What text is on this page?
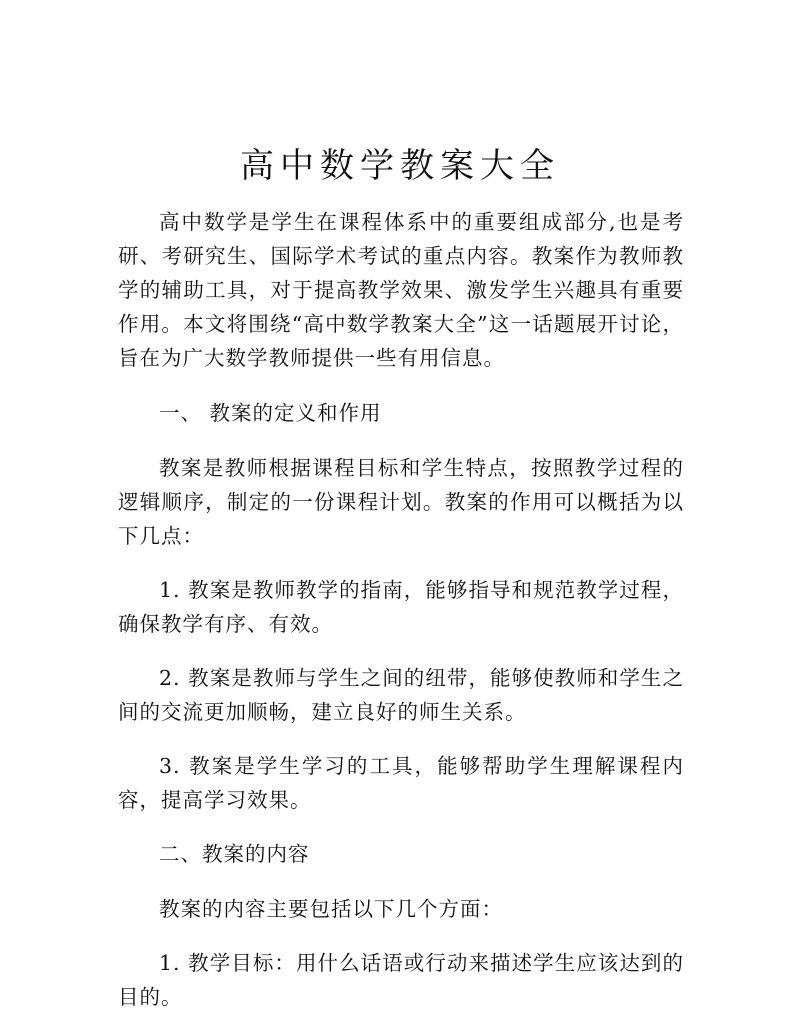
高中数学教案大全

高中数学是学生在课程体系中的重要组成部分,也是考研、考研究生、国际学术考试的重点内容。教案作为教师教学的辅助工具，对于提高教学效果、激发学生兴趣具有重要作用。本文将围绕“高中数学教案大全”这一话题展开讨论，旨在为广大数学教师提供一些有用信息。

一、 教案的定义和作用

教案是教师根据课程目标和学生特点，按照教学过程的逻辑顺序，制定的一份课程计划。教案的作用可以概括为以下几点：

1. 教案是教师教学的指南，能够指导和规范教学过程，确保教学有序、有效。

2. 教案是教师与学生之间的纽带，能够使教师和学生之间的交流更加顺畅，建立良好的师生关系。

3. 教案是学生学习的工具，能够帮助学生理解课程内容，提高学习效果。

二、教案的内容

教案的内容主要包括以下几个方面：

1. 教学目标：用什么话语或行动来描述学生应该达到的目的。
